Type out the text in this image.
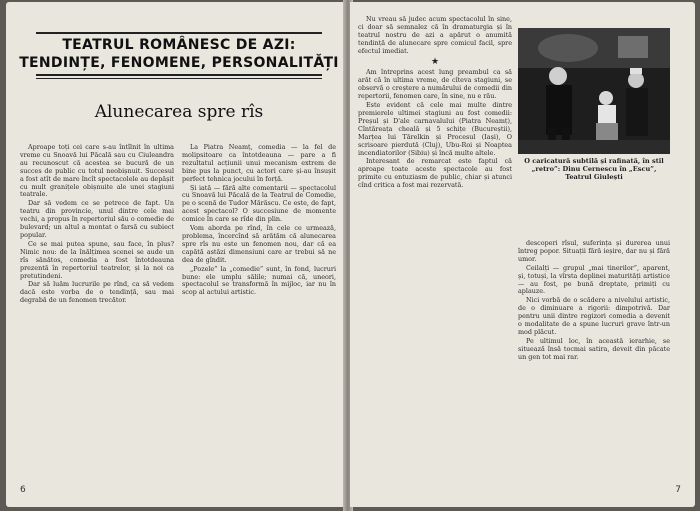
TEATRUL ROMÂNESC DE AZI:
TENDINȚE, FENOMENE, PERSONALITĂȚI
Alunecarea spre rîs

Aproape toți cei care s-au întîlnit în ultima vreme cu Snoavă lui Păcală sau cu Ciuleandra au recunoscut că acestea se bucură de un succes de public cu totul neobișnuit. Succesul a fost atît de mare încît spectacolele au depășit cu mult granițele obișnuite ale unei stagiuni teatrale.

Dar să vedem ce se petrece de fapt. Un teatru din provincie, unul dintre cele mai vechi, a propus în repertoriul său o comedie de bulevard; un altul a montat o farsă cu subiect popular.

Ce se mai putea spune, sau face, în plus? Nimic nou: de la înălțimea scenei se aude un rîs sănătos, comedia a fost întotdeauna prezentă în repertoriul teatrelor, și la noi ca pretutindeni.

Dar să luăm lucrurile pe rînd, ca să vedem dacă este vorba de o tendință, sau mai degrabă de un fenomen trecător.

La Piatra Neamț, comedia — la fel de molipsitoare ca întotdeauna — pare a fi rezultatul acțiunii unui mecanism extrem de bine pus la punct, cu actori care și-au însușit perfect tehnica jocului în forță.

Și iată — fără alte comentarii — spectacolul cu Snoavă lui Păcală de la Teatrul de Comedie, pe o scenă de Tudor Mărăscu. Ce este, de fapt, acest spectacol? O succesiune de momente comice în care se rîde din plin.

Vom aborda pe rînd, în cele ce urmează, problema, încercînd să arătăm că alunecarea spre rîs nu este un fenomen nou, dar că ea capătă astăzi dimensiuni care ar trebui să ne dea de gîndit.

„Pozele” la „comedie” sunt, în fond, lucruri bune: ele umplu sălile; numai că, uneori, spectacolul se transformă în mijloc, iar nu în scop al actului artistic.

6

Nu vreau să judec acum spectacolul în sine, ci doar să semnalez că în dramaturgia și în teatrul nostru de azi a apărut o anumită tendință de alunecare spre comicul facil, spre efectul imediat.

★

Am întreprins acest lung preambul ca să arăt că în ultima vreme, de cîteva stagiuni, se observă o creștere a numărului de comedii din repertorii, fenomen care, în sine, nu e rău.

Este evident că cele mai multe dintre premierele ultimei stagiuni au fost comedii: Preșul și D'ale carnavalului (Piatra Neamț), Cîntăreața cheală și 5 schițe (Bucureștii), Marțea lui Tărelkin și Procesul (Iași), O scrisoare pierdută (Cluj), Ubu-Roi și Noaptea incendiatorilor (Sibiu) și încă multe altele.

Interesant de remarcat este faptul că aproape toate aceste spectacole au fost primite cu entuziasm de public, chiar și atunci cînd critica a fost mai rezervată.

O caricatură subtilă și rafinată, în stil „retro”: Dinu Cernescu în „Escu”, Teatrul Giulești

descoperi rîsul, suferința și durerea unui întreg popor. Situații fără ieșire, dar nu și fără umor.

Ceilalți — grupul „mai tinerilor”, aparent, și, totuși, la vîrsta deplinei maturități artistice — au fost, pe bună dreptate, primiți cu aplauze.

Nici vorbă de o scădere a nivelului artistic, de o diminuare a rigorii: dimpotrivă. Dar pentru unii dintre regizori comedia a devenit o modalitate de a spune lucruri grave într-un mod plăcut.

Pe ultimul loc, în această ierarhie, se situează însă tocmai satira, deveit din păcate un gen tot mai rar.

7
